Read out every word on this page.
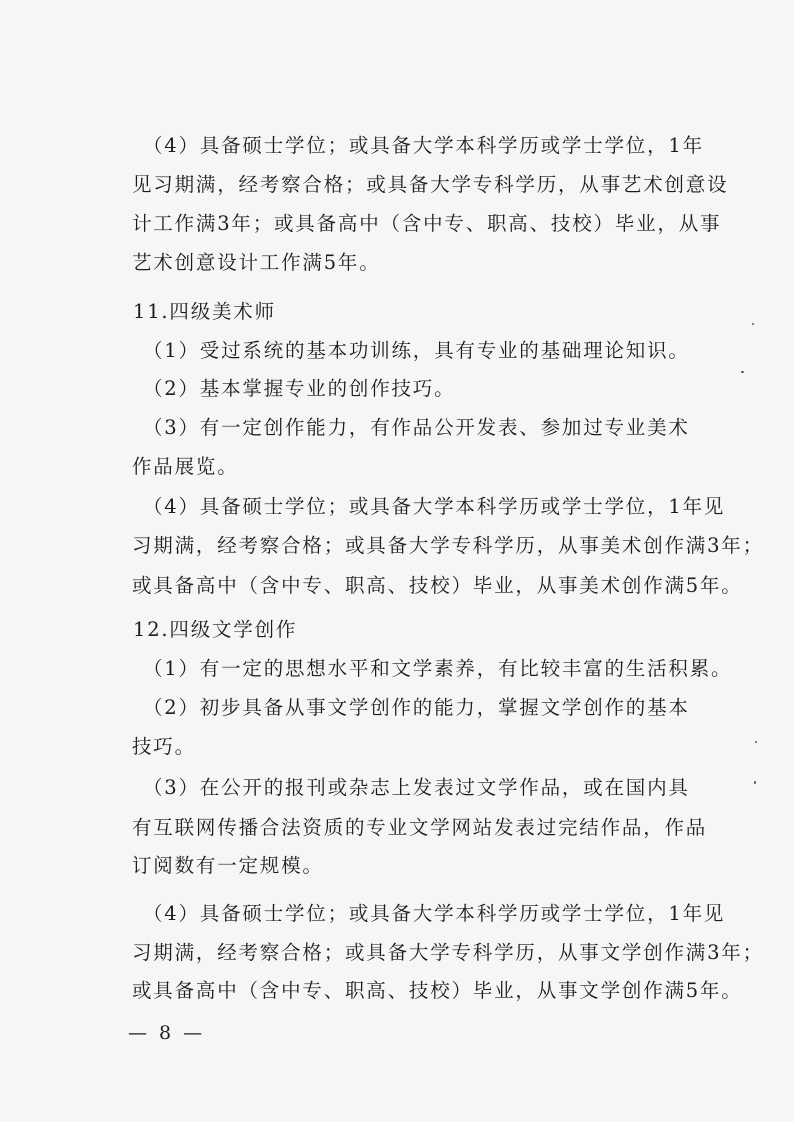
（4）具备硕士学位；或具备大学本科学历或学士学位，1年
见习期满，经考察合格；或具备大学专科学历，从事艺术创意设
计工作满3年；或具备高中（含中专、职高、技校）毕业，从事
艺术创意设计工作满5年。
11.四级美术师
（1）受过系统的基本功训练，具有专业的基础理论知识。
（2）基本掌握专业的创作技巧。
（3）有一定创作能力，有作品公开发表、参加过专业美术
作品展览。
（4）具备硕士学位；或具备大学本科学历或学士学位，1年见
习期满，经考察合格；或具备大学专科学历，从事美术创作满3年；
或具备高中（含中专、职高、技校）毕业，从事美术创作满5年。
12.四级文学创作
（1）有一定的思想水平和文学素养，有比较丰富的生活积累。
（2）初步具备从事文学创作的能力，掌握文学创作的基本
技巧。
（3）在公开的报刊或杂志上发表过文学作品，或在国内具
有互联网传播合法资质的专业文学网站发表过完结作品，作品
订阅数有一定规模。
（4）具备硕士学位；或具备大学本科学历或学士学位，1年见
习期满，经考察合格；或具备大学专科学历，从事文学创作满3年；
或具备高中（含中专、职高、技校）毕业，从事文学创作满5年。
— 8 —
